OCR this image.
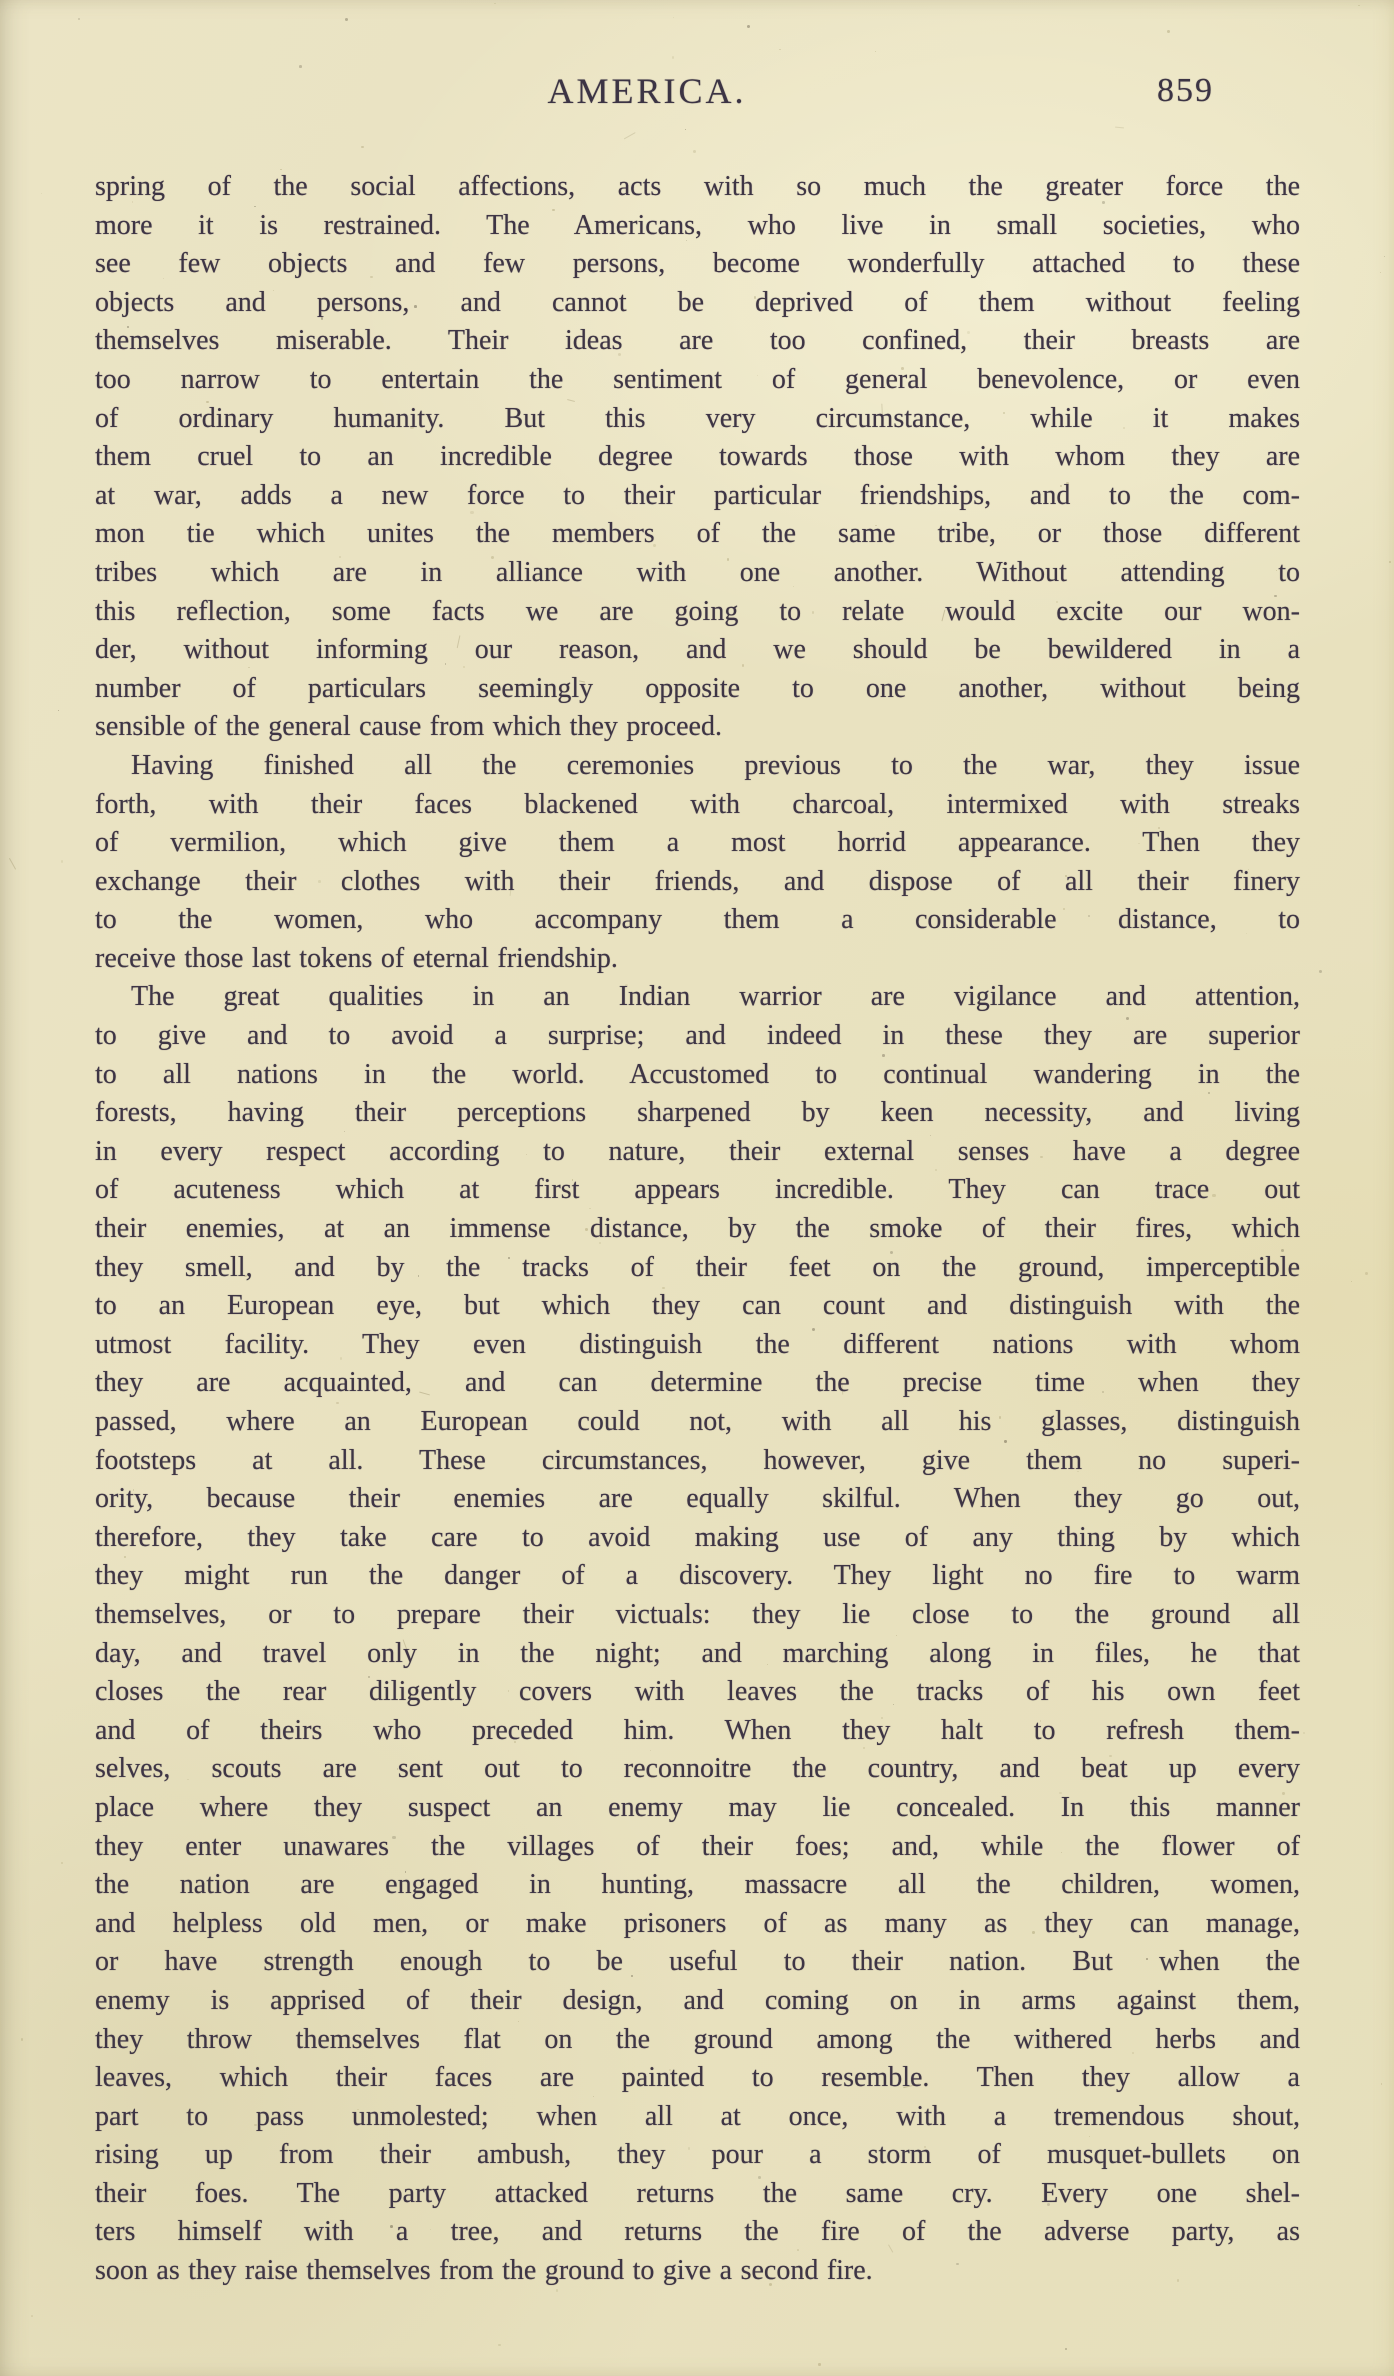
AMERICA.	859
spring of the social affections, acts with so much the greater force the
more it is restrained. The Americans, who live in small societies, who
see few objects and few persons, become wonderfully attached to these
objects and persons, and cannot be deprived of them without feeling
themselves miserable. Their ideas are too confined, their breasts are
too narrow to entertain the sentiment of general benevolence, or even
of ordinary humanity. But this very circumstance, while it makes
them cruel to an incredible degree towards those with whom they are
at war, adds a new force to their particular friendships, and to the com-
mon tie which unites the members of the same tribe, or those different
tribes which are in alliance with one another. Without attending to
this reflection, some facts we are going to relate would excite our won-
der, without informing our reason, and we should be bewildered in a
number of particulars seemingly opposite to one another, without being
sensible of the general cause from which they proceed.
Having finished all the ceremonies previous to the war, they issue
forth, with their faces blackened with charcoal, intermixed with streaks
of vermilion, which give them a most horrid appearance. Then they
exchange their clothes with their friends, and dispose of all their finery
to the women, who accompany them a considerable distance, to
receive those last tokens of eternal friendship.
The great qualities in an Indian warrior are vigilance and attention,
to give and to avoid a surprise; and indeed in these they are superior
to all nations in the world. Accustomed to continual wandering in the
forests, having their perceptions sharpened by keen necessity, and living
in every respect according to nature, their external senses have a degree
of acuteness which at first appears incredible. They can trace out
their enemies, at an immense distance, by the smoke of their fires, which
they smell, and by the tracks of their feet on the ground, imperceptible
to an European eye, but which they can count and distinguish with the
utmost facility. They even distinguish the different nations with whom
they are acquainted, and can determine the precise time when they
passed, where an European could not, with all his glasses, distinguish
footsteps at all. These circumstances, however, give them no superi-
ority, because their enemies are equally skilful. When they go out,
therefore, they take care to avoid making use of any thing by which
they might run the danger of a discovery. They light no fire to warm
themselves, or to prepare their victuals: they lie close to the ground all
day, and travel only in the night; and marching along in files, he that
closes the rear diligently covers with leaves the tracks of his own feet
and of theirs who preceded him. When they halt to refresh them-
selves, scouts are sent out to reconnoitre the country, and beat up every
place where they suspect an enemy may lie concealed. In this manner
they enter unawares the villages of their foes; and, while the flower of
the nation are engaged in hunting, massacre all the children, women,
and helpless old men, or make prisoners of as many as they can manage,
or have strength enough to be useful to their nation. But when the
enemy is apprised of their design, and coming on in arms against them,
they throw themselves flat on the ground among the withered herbs and
leaves, which their faces are painted to resemble. Then they allow a
part to pass unmolested; when all at once, with a tremendous shout,
rising up from their ambush, they pour a storm of musquet-bullets on
their foes. The party attacked returns the same cry. Every one shel-
ters himself with a tree, and returns the fire of the adverse party, as
soon as they raise themselves from the ground to give a second fire.
